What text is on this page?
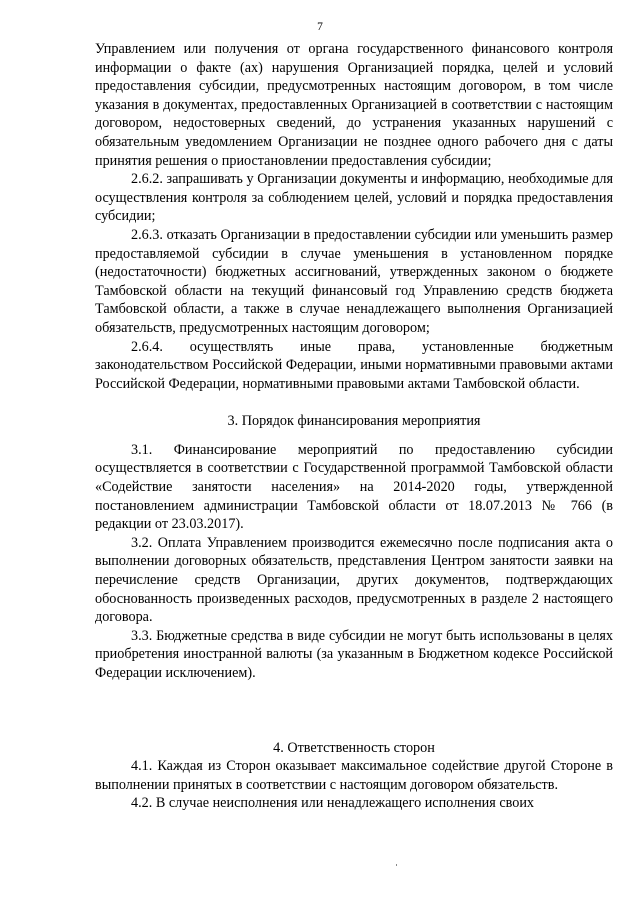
7

Управлением или получения от органа государственного финансового контроля информации о факте (ах) нарушения Организацией порядка, целей и условий предоставления субсидии, предусмотренных настоящим договором, в том числе указания в документах, предоставленных Организацией в соответствии с настоящим договором, недостоверных сведений, до устранения указанных нарушений с обязательным уведомлением Организации не позднее одного рабочего дня с даты принятия решения о приостановлении предоставления субсидии;

2.6.2. запрашивать у Организации документы и информацию, необходимые для осуществления контроля за соблюдением целей, условий и порядка предоставления субсидии;

2.6.3. отказать Организации в предоставлении субсидии или уменьшить размер предоставляемой субсидии в случае уменьшения в установленном порядке (недостаточности) бюджетных ассигнований, утвержденных законом о бюджете Тамбовской области на текущий финансовый год Управлению средств бюджета Тамбовской области, а также в случае ненадлежащего выполнения Организацией обязательств, предусмотренных настоящим договором;

2.6.4. осуществлять иные права, установленные бюджетным законодательством Российской Федерации, иными нормативными правовыми актами Российской Федерации, нормативными правовыми актами Тамбовской области.

3. Порядок финансирования мероприятия

3.1. Финансирование мероприятий по предоставлению субсидии осуществляется в соответствии с Государственной программой Тамбовской области «Содействие занятости населения» на 2014-2020 годы, утвержденной постановлением администрации Тамбовской области от 18.07.2013 № 766 (в редакции от 23.03.2017).

3.2. Оплата Управлением производится ежемесячно после подписания акта о выполнении договорных обязательств, представления Центром занятости заявки на перечисление средств Организации, других документов, подтверждающих обоснованность произведенных расходов, предусмотренных в разделе 2 настоящего договора.

3.3. Бюджетные средства в виде субсидии не могут быть использованы в целях приобретения иностранной валюты (за указанным в Бюджетном кодексе Российской Федерации исключением).

4. Ответственность сторон

4.1. Каждая из Сторон оказывает максимальное содействие другой Стороне в выполнении принятых в соответствии с настоящим договором обязательств.

4.2. В случае неисполнения или ненадлежащего исполнения своих
